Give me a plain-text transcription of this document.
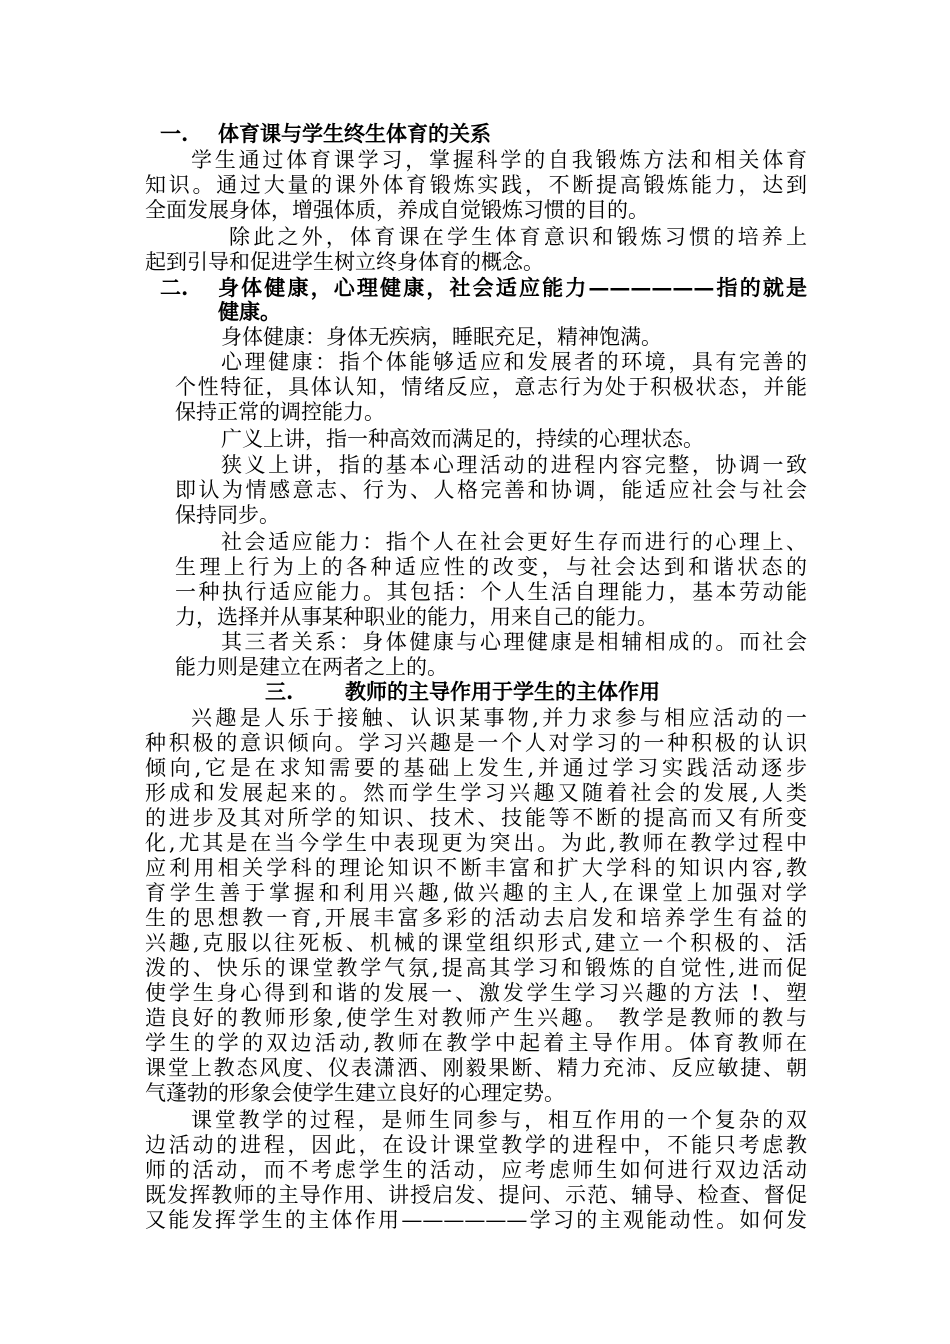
一. 体育课与学生终生体育的关系
学生通过体育课学习，掌握科学的自我锻炼方法和相关体育
知识。通过大量的课外体育锻炼实践，不断提高锻炼能力，达到
全面发展身体，增强体质，养成自觉锻炼习惯的目的。
除此之外，体育课在学生体育意识和锻炼习惯的培养上
起到引导和促进学生树立终身体育的概念。
二. 身体健康，心理健康，社会适应能力——————指的就是
健康。
身体健康：身体无疾病，睡眠充足，精神饱满。
心理健康：指个体能够适应和发展者的环境，具有完善的
个性特征，具体认知，情绪反应，意志行为处于积极状态，并能
保持正常的调控能力。
广义上讲，指一种高效而满足的，持续的心理状态。
狭义上讲，指的基本心理活动的进程内容完整，协调一致
即认为情感意志、行为、人格完善和协调，能适应社会与社会
保持同步。
社会适应能力：指个人在社会更好生存而进行的心理上、
生理上行为上的各种适应性的改变，与社会达到和谐状态的
一种执行适应能力。其包括：个人生活自理能力，基本劳动能
力，选择并从事某种职业的能力，用来自己的能力。
其三者关系：身体健康与心理健康是相辅相成的。而社会
能力则是建立在两者之上的。
三. 教师的主导作用于学生的主体作用
兴趣是人乐于接触、认识某事物,并力求参与相应活动的一
种积极的意识倾向。学习兴趣是一个人对学习的一种积极的认识
倾向,它是在求知需要的基础上发生,并通过学习实践活动逐步
形成和发展起来的。然而学生学习兴趣又随着社会的发展,人类
的进步及其对所学的知识、技术、技能等不断的提高而又有所变
化,尤其是在当今学生中表现更为突出。为此,教师在教学过程中
应利用相关学科的理论知识不断丰富和扩大学科的知识内容,教
育学生善于掌握和利用兴趣,做兴趣的主人,在课堂上加强对学
生的思想教一育,开展丰富多彩的活动去启发和培养学生有益的
兴趣,克服以往死板、机械的课堂组织形式,建立一个积极的、活
泼的、快乐的课堂教学气氛,提高其学习和锻炼的自觉性,进而促
使学生身心得到和谐的发展一、激发学生学习兴趣的方法 !、塑
造良好的教师形象,使学生对教师产生兴趣。 教学是教师的教与
学生的学的双边活动,教师在教学中起着主导作用。体育教师在
课堂上教态风度、仪表潇洒、刚毅果断、精力充沛、反应敏捷、朝
气蓬勃的形象会使学生建立良好的心理定势。
课堂教学的过程，是师生同参与，相互作用的一个复杂的双
边活动的进程，因此，在设计课堂教学的进程中，不能只考虑教
师的活动，而不考虑学生的活动，应考虑师生如何进行双边活动
既发挥教师的主导作用、讲授启发、提问、示范、辅导、检查、督促
又能发挥学生的主体作用——————学习的主观能动性。如何发
